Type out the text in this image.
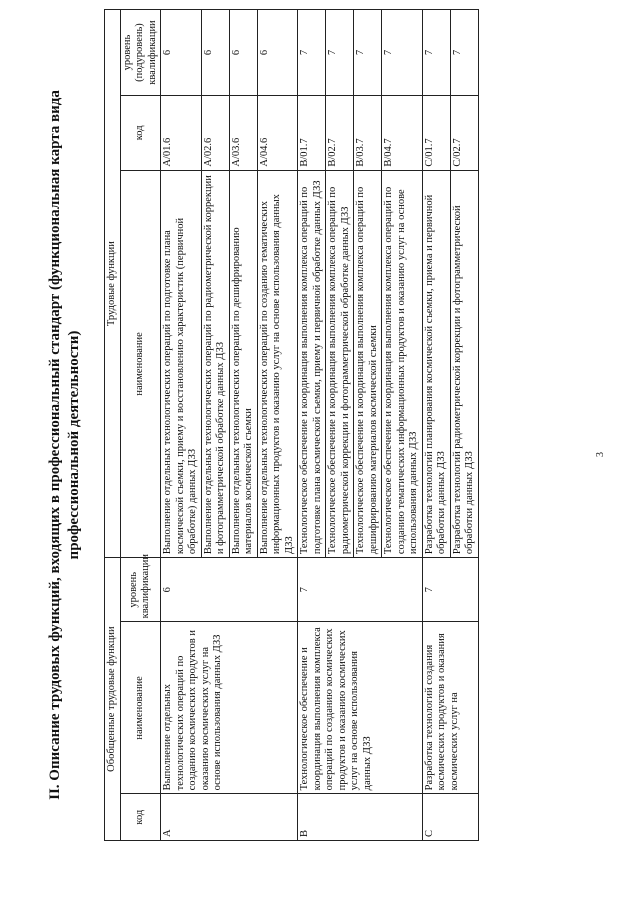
3
II. Описание трудовых функций, входящих в профессиональный стандарт (функциональная карта вида профессиональной деятельности)
Обобщенные трудовые функции			Трудовые функции		
код	наименование	уровень квалификации	наименование	код	уровень (подуровень) квалификации
A	Выполнение отдельных технологических операций по созданию космических продуктов и оказанию космических услуг на основе использования данных ДЗЗ	6	Выполнение отдельных технологических операций по подготовке плана космической съемки, приему и восстановлению характеристик (первичной обработке) данных ДЗЗ	A/01.6	6
			Выполнение отдельных технологических операций по радиометрической коррекции и фотограмметрической обработке данных ДЗЗ	A/02.6	6
			Выполнение отдельных технологических операций по дешифрированию материалов космической съемки	A/03.6	6
			Выполнение отдельных технологических операций по созданию тематических информационных продуктов и оказанию услуг на основе использования данных ДЗЗ	A/04.6	6
B	Технологическое обеспечение и координация выполнения комплекса операций по созданию космических продуктов и оказанию космических услуг на основе использования данных ДЗЗ	7	Технологическое обеспечение и координация выполнения комплекса операций по подготовке плана космической съемки, приему и первичной обработке данных ДЗЗ	B/01.7	7
			Технологическое обеспечение и координация выполнения комплекса операций по радиометрической коррекции и фотограмметрической обработке данных ДЗЗ	B/02.7	7
			Технологическое обеспечение и координация выполнения комплекса операций по дешифрированию материалов космической съемки	B/03.7	7
			Технологическое обеспечение и координация выполнения комплекса операций по созданию тематических информационных продуктов и оказанию услуг на основе использования данных ДЗЗ	B/04.7	7
C	Разработка технологий создания космических продуктов и оказания космических услуг на	7	Разработка технологий планирования космической съемки, приема и первичной обработки данных ДЗЗ	C/01.7	7
			Разработка технологий радиометрической коррекции и фотограмметрической обработки данных ДЗЗ	C/02.7	7
